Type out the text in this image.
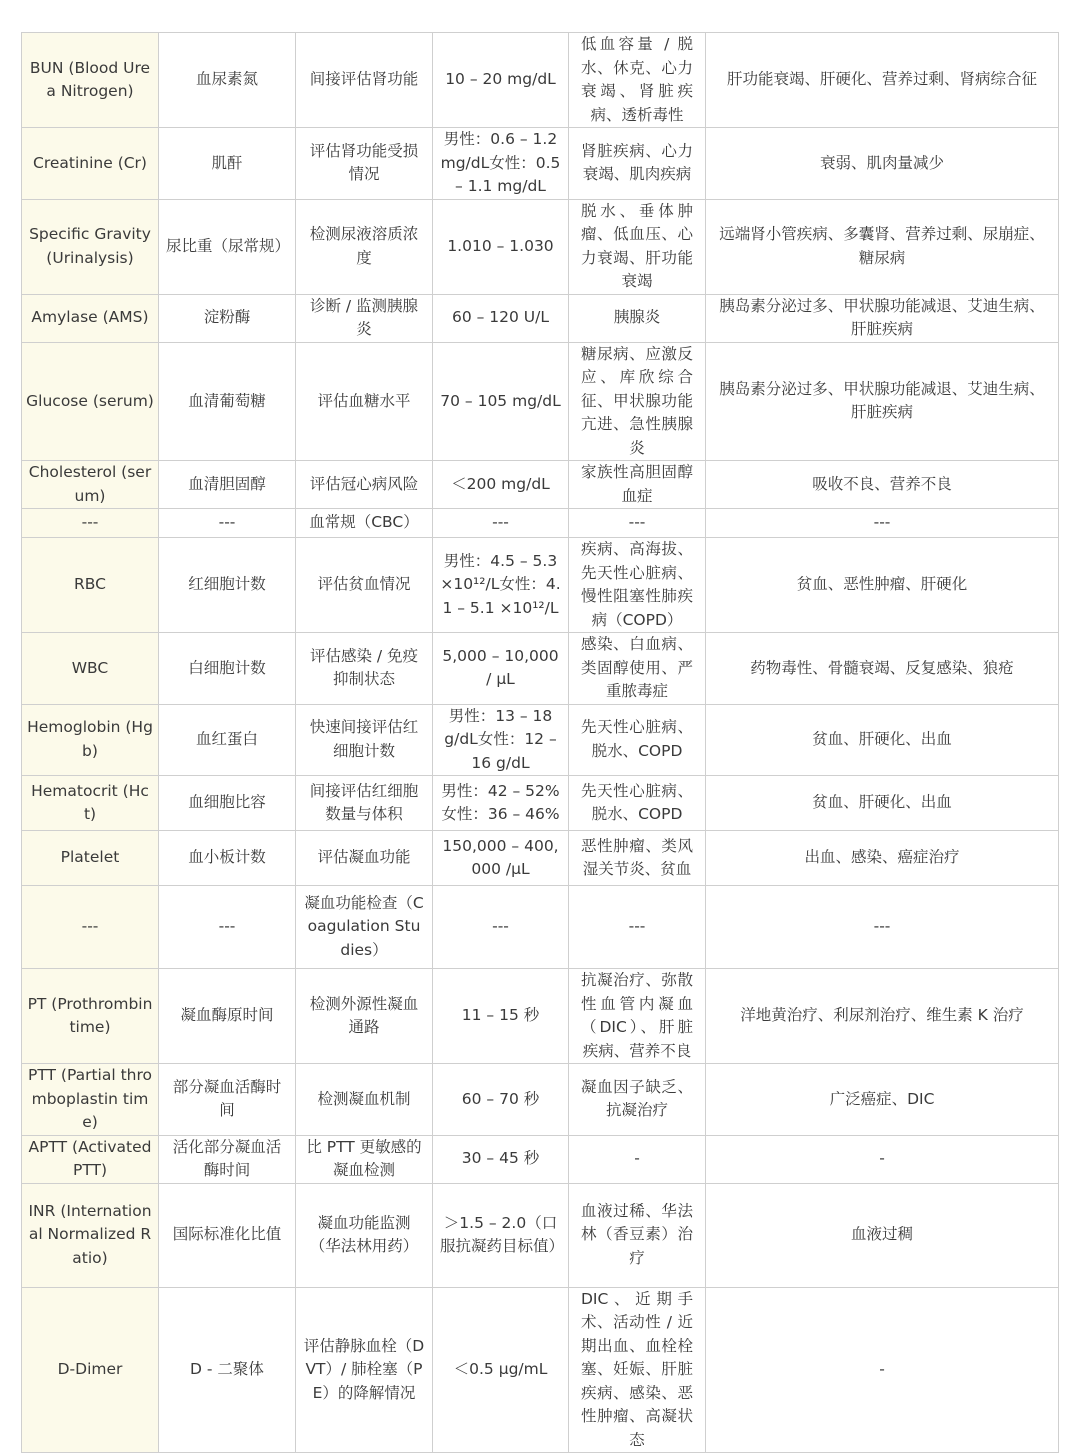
BUN (Blood Urea Nitrogen)	血尿素氮	间接评估肾功能	10 – 20 mg/dL	低血容量 / 脱水、休克、心力衰竭、肾脏疾病、透析毒性	肝功能衰竭、肝硬化、营养过剩、肾病综合征
Creatinine (Cr)	肌酐	评估肾功能受损情况	男性：0.6 – 1.2 mg/dL女性：0.5 – 1.1 mg/dL	肾脏疾病、心力衰竭、肌肉疾病	衰弱、肌肉量减少
Specific Gravity (Urinalysis)	尿比重（尿常规）	检测尿液溶质浓度	1.010 – 1.030	脱水、垂体肿瘤、低血压、心力衰竭、肝功能衰竭	远端肾小管疾病、多囊肾、营养过剩、尿崩症、糖尿病
Amylase (AMS)	淀粉酶	诊断 / 监测胰腺炎	60 – 120 U/L	胰腺炎	胰岛素分泌过多、甲状腺功能减退、艾迪生病、肝脏疾病
Glucose (serum)	血清葡萄糖	评估血糖水平	70 – 105 mg/dL	糖尿病、应激反应、库欣综合征、甲状腺功能亢进、急性胰腺炎	胰岛素分泌过多、甲状腺功能减退、艾迪生病、肝脏疾病
Cholesterol (serum)	血清胆固醇	评估冠心病风险	＜200 mg/dL	家族性高胆固醇血症	吸收不良、营养不良
---	---	血常规（CBC）	---	---	---
RBC	红细胞计数	评估贫血情况	男性：4.5 – 5.3 ×10¹²/L女性：4.1 – 5.1 ×10¹²/L	疾病、高海拔、先天性心脏病、慢性阻塞性肺疾病（COPD）	贫血、恶性肿瘤、肝硬化
WBC	白细胞计数	评估感染 / 免疫抑制状态	5,000 – 10,000 / μL	感染、白血病、类固醇使用、严重脓毒症	药物毒性、骨髓衰竭、反复感染、狼疮
Hemoglobin (Hgb)	血红蛋白	快速间接评估红细胞计数	男性：13 – 18 g/dL女性：12 – 16 g/dL	先天性心脏病、脱水、COPD	贫血、肝硬化、出血
Hematocrit (Hct)	血细胞比容	间接评估红细胞数量与体积	男性：42 – 52% 女性：36 – 46%	先天性心脏病、脱水、COPD	贫血、肝硬化、出血
Platelet	血小板计数	评估凝血功能	150,000 – 400,000 /μL	恶性肿瘤、类风湿关节炎、贫血	出血、感染、癌症治疗
---	---	凝血功能检查（Coagulation Studies）	---	---	---
PT (Prothrombin time)	凝血酶原时间	检测外源性凝血通路	11 – 15 秒	抗凝治疗、弥散性血管内凝血（DIC）、肝脏疾病、营养不良	洋地黄治疗、利尿剂治疗、维生素 K 治疗
PTT (Partial thromboplastin time)	部分凝血活酶时间	检测凝血机制	60 – 70 秒	凝血因子缺乏、抗凝治疗	广泛癌症、DIC
APTT (Activated PTT)	活化部分凝血活酶时间	比 PTT 更敏感的凝血检测	30 – 45 秒	-	-
INR (International Normalized Ratio)	国际标准化比值	凝血功能监测（华法林用药）	＞1.5 – 2.0（口服抗凝药目标值）	血液过稀、华法林（香豆素）治疗	血液过稠
D-Dimer	D - 二聚体	评估静脉血栓（DVT）/ 肺栓塞（PE）的降解情况	＜0.5 μg/mL	DIC、近期手术、活动性 / 近期出血、血栓栓塞、妊娠、肝脏疾病、感染、恶性肿瘤、高凝状态	-
